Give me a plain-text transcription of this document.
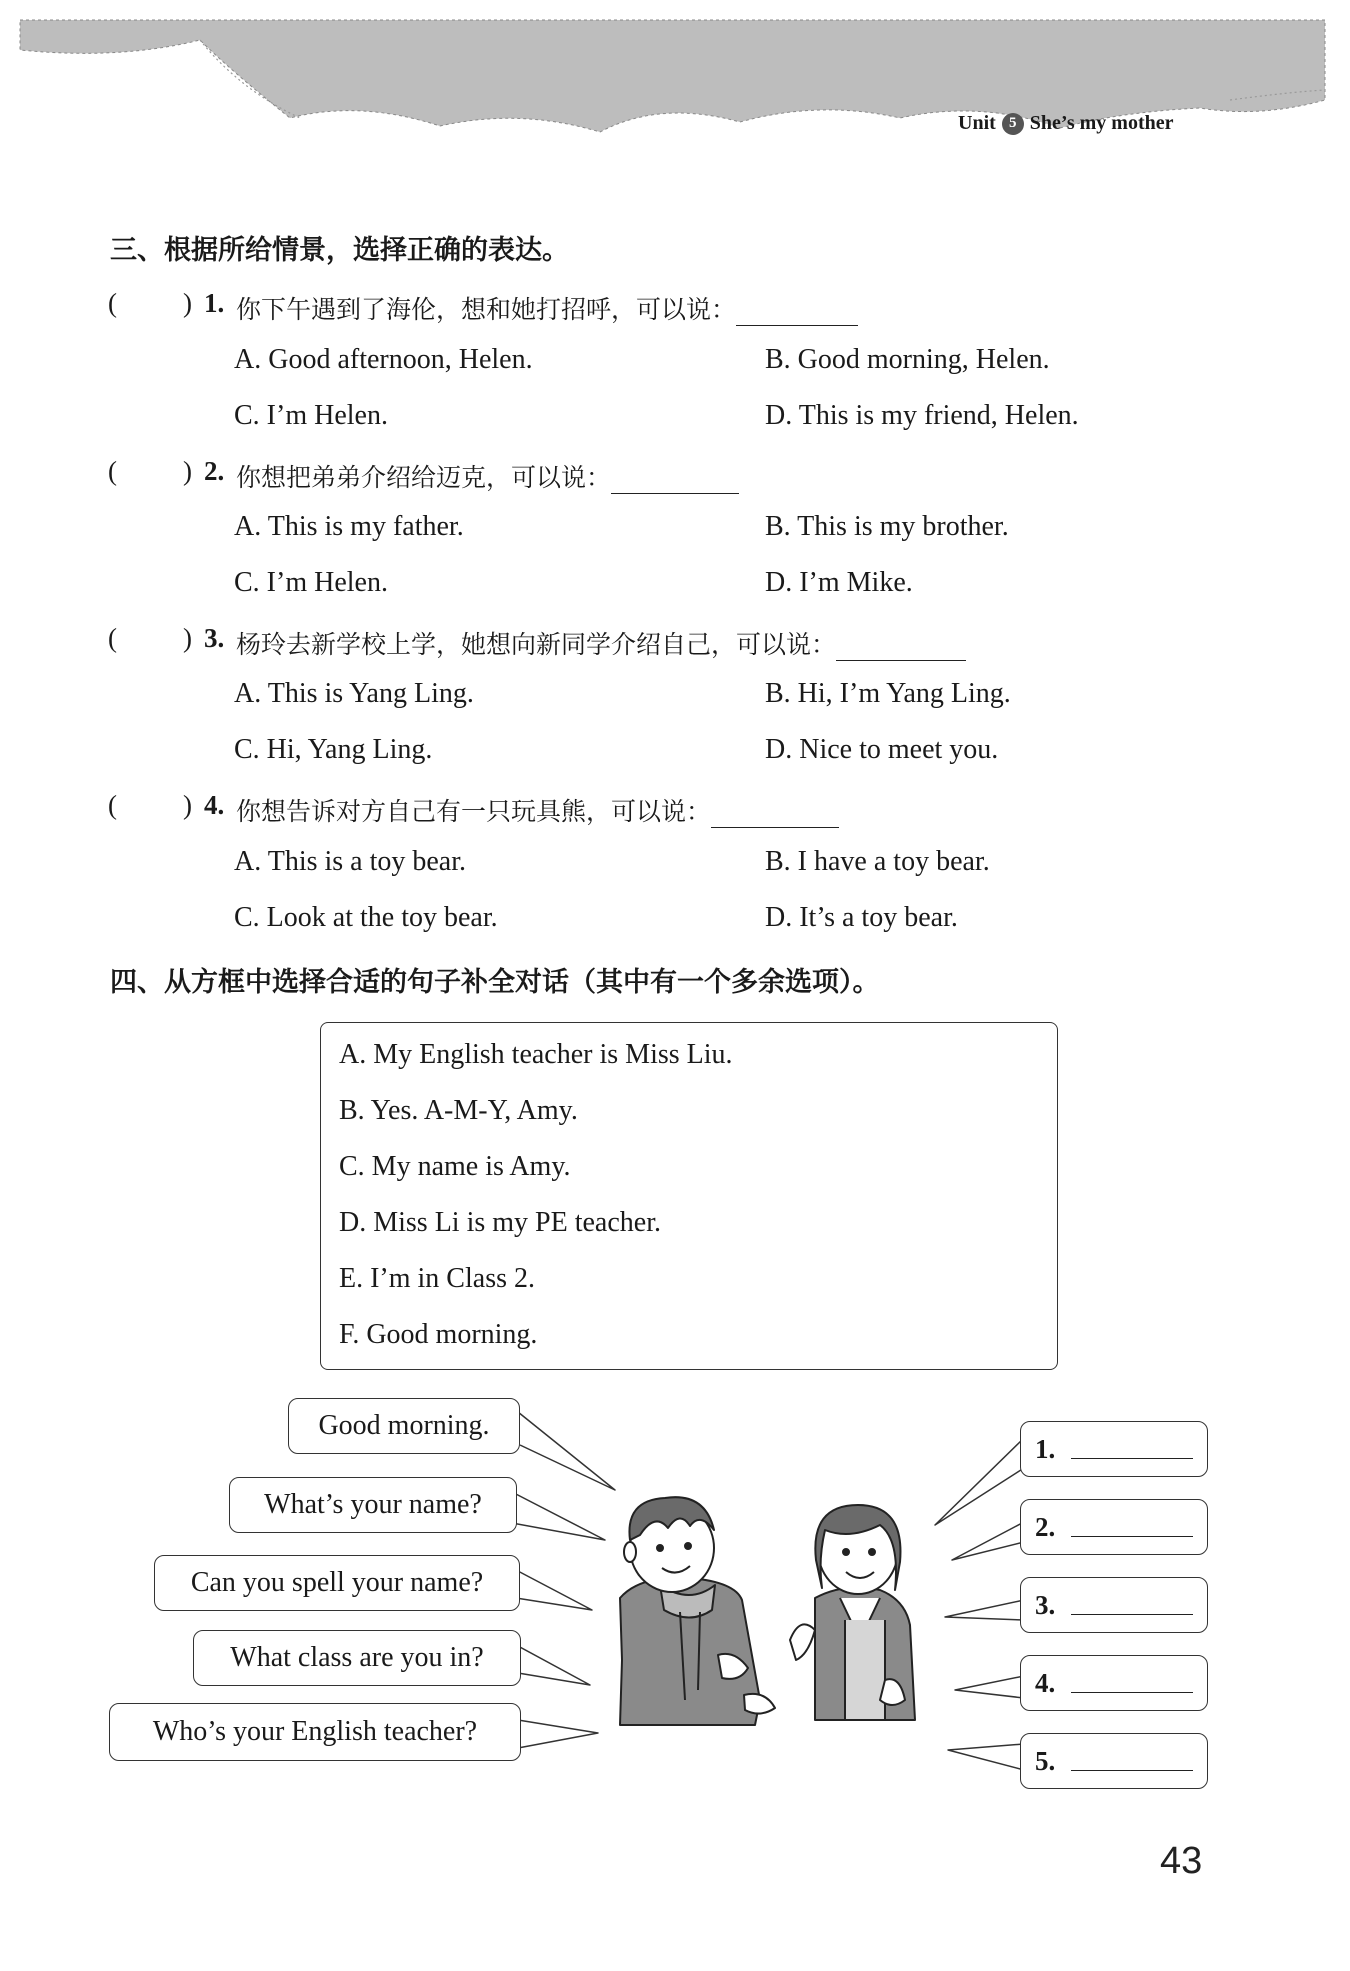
Unit 5 She’s my mother
三、根据所给情景，选择正确的表达。
( ) 1. 你下午遇到了海伦，想和她打招呼，可以说：
A. Good afternoon, Helen.	B. Good morning, Helen.
C. I’m Helen.	D. This is my friend, Helen.
( ) 2. 你想把弟弟介绍给迈克，可以说：
A. This is my father.	B. This is my brother.
C. I’m Helen.	D. I’m Mike.
( ) 3. 杨玲去新学校上学，她想向新同学介绍自己，可以说：
A. This is Yang Ling.	B. Hi, I’m Yang Ling.
C. Hi, Yang Ling.	D. Nice to meet you.
( ) 4. 你想告诉对方自己有一只玩具熊，可以说：
A. This is a toy bear.	B. I have a toy bear.
C. Look at the toy bear.	D. It’s a toy bear.
四、从方框中选择合适的句子补全对话（其中有一个多余选项）。
A. My English teacher is Miss Liu.
B. Yes. A-M-Y, Amy.
C. My name is Amy.
D. Miss Li is my PE teacher.
E. I’m in Class 2.
F. Good morning.
Good morning.
What’s your name?
Can you spell your name?
What class are you in?
Who’s your English teacher?
1.
2.
3.
4.
5.
43
